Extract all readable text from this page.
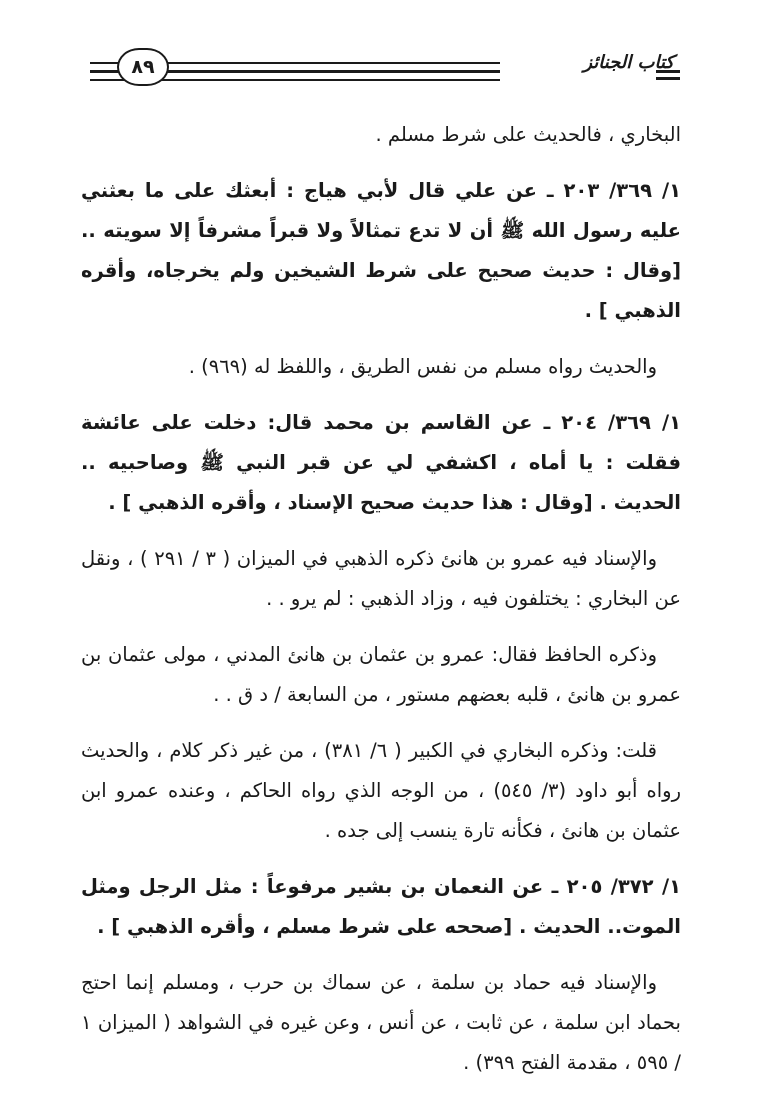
كتاب الجنائز
٨٩

البخاري ، فالحديث على شرط مسلم .

١/ ٣٦٩/ ٢٠٣ ـ عن علي قال لأبي هياج : أبعثك على ما بعثني عليه رسول الله ﷺ أن لا تدع تمثالاً ولا قبراً مشرفاً إلا سويته .. [وقال : حديث صحيح على شرط الشيخين ولم يخرجاه، وأقره الذهبي ] .

والحديث رواه مسلم من نفس الطريق ، واللفظ له (٩٦٩) .

١/ ٣٦٩/ ٢٠٤ ـ عن القاسم بن محمد قال: دخلت على عائشة فقلت : يا أماه ، اكشفي لي عن قبر النبي ﷺ وصاحبيه .. الحديث . [وقال : هذا حديث صحيح الإسناد ، وأقره الذهبي ] .

والإسناد فيه عمرو بن هانئ ذكره الذهبي في الميزان ( ٣ / ٢٩١ ) ، ونقل عن البخاري : يختلفون فيه ، وزاد الذهبي : لم يرو . .

وذكره الحافظ فقال: عمرو بن عثمان بن هانئ المدني ، مولى عثمان بن عمرو بن هانئ ، قلبه بعضهم مستور ، من السابعة / د ق . .

قلت: وذكره البخاري في الكبير ( ٦/ ٣٨١) ، من غير ذكر كلام ، والحديث رواه أبو داود (٣/ ٥٤٥) ، من الوجه الذي رواه الحاكم ، وعنده عمرو ابن عثمان بن هانئ ، فكأنه تارة ينسب إلى جده .

١/ ٣٧٢/ ٢٠٥ ـ عن النعمان بن بشير مرفوعاً : مثل الرجل ومثل الموت.. الحديث . [صححه على شرط مسلم ، وأقره الذهبي ] .

والإسناد فيه حماد بن سلمة ، عن سماك بن حرب ، ومسلم إنما احتج بحماد ابن سلمة ، عن ثابت ، عن أنس ، وعن غيره في الشواهد ( الميزان ١ / ٥٩٥ ، مقدمة الفتح ٣٩٩) .
